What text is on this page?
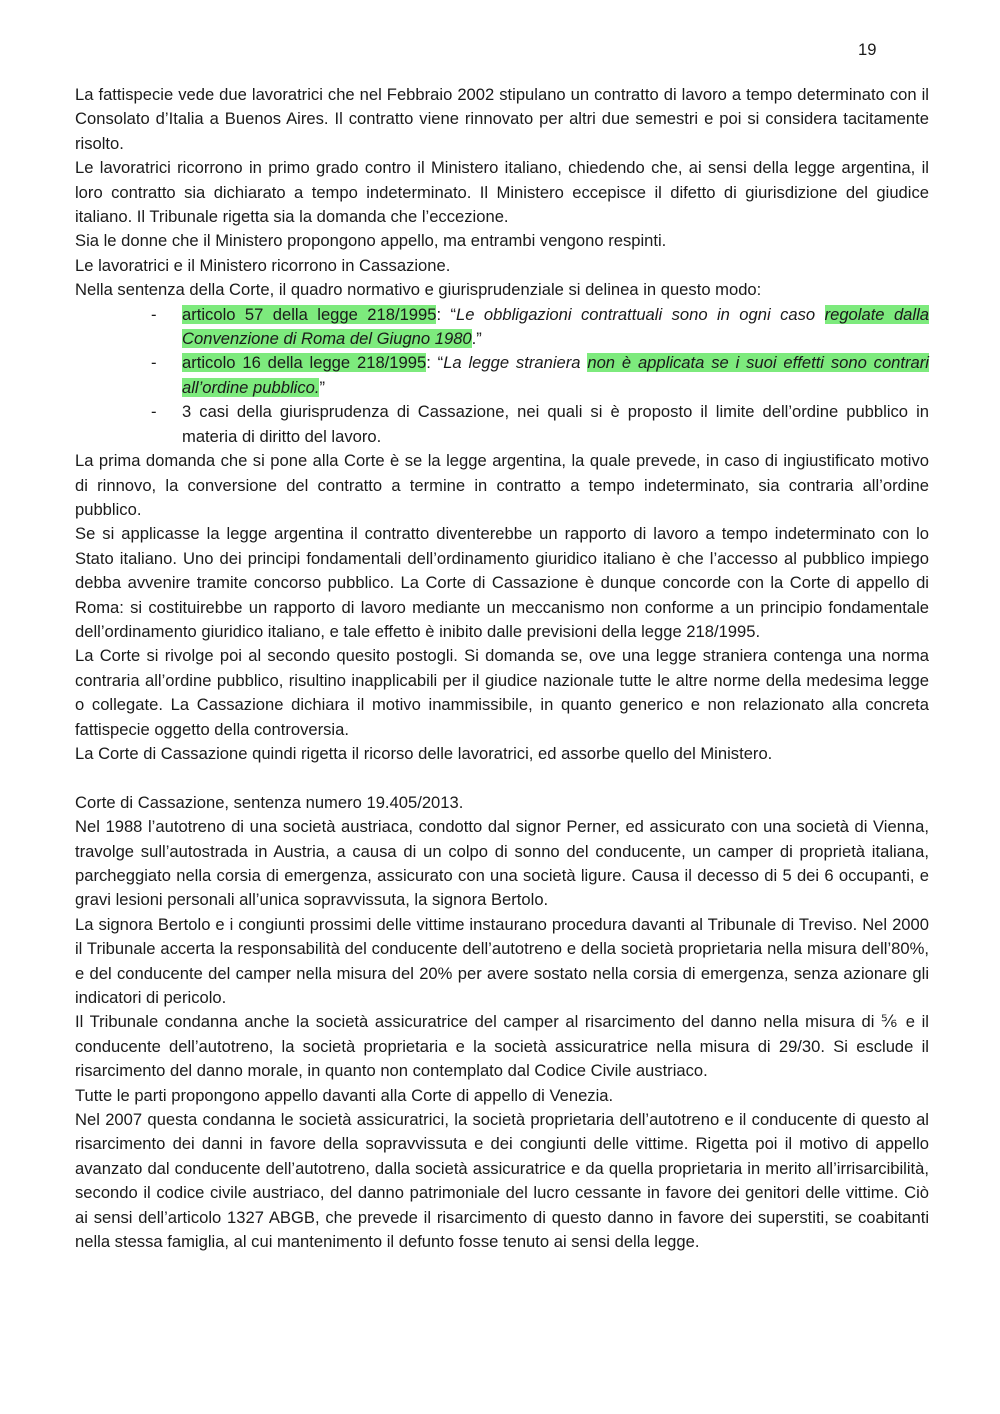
19

La fattispecie vede due lavoratrici che nel Febbraio 2002 stipulano un contratto di lavoro a tempo determinato con il Consolato d’Italia a Buenos Aires. Il contratto viene rinnovato per altri due semestri e poi si considera tacitamente risolto.

Le lavoratrici ricorrono in primo grado contro il Ministero italiano, chiedendo che, ai sensi della legge argentina, il loro contratto sia dichiarato a tempo indeterminato. Il Ministero eccepisce il difetto di giurisdizione del giudice italiano. Il Tribunale rigetta sia la domanda che l’eccezione.

Sia le donne che il Ministero propongono appello, ma entrambi vengono respinti.

Le lavoratrici e il Ministero ricorrono in Cassazione.

Nella sentenza della Corte, il quadro normativo e giurisprudenziale si delinea in questo modo:

- articolo 57 della legge 218/1995: “Le obbligazioni contrattuali sono in ogni caso regolate dalla Convenzione di Roma del Giugno 1980.”
- articolo 16 della legge 218/1995: “La legge straniera non è applicata se i suoi effetti sono contrari all’ordine pubblico.”
- 3 casi della giurisprudenza di Cassazione, nei quali si è proposto il limite dell’ordine pubblico in materia di diritto del lavoro.

La prima domanda che si pone alla Corte è se la legge argentina, la quale prevede, in caso di ingiustificato motivo di rinnovo, la conversione del contratto a termine in contratto a tempo indeterminato, sia contraria all’ordine pubblico.

Se si applicasse la legge argentina il contratto diventerebbe un rapporto di lavoro a tempo indeterminato con lo Stato italiano. Uno dei principi fondamentali dell’ordinamento giuridico italiano è che l’accesso al pubblico impiego debba avvenire tramite concorso pubblico. La Corte di Cassazione è dunque concorde con la Corte di appello di Roma: si costituirebbe un rapporto di lavoro mediante un meccanismo non conforme a un principio fondamentale dell’ordinamento giuridico italiano, e tale effetto è inibito dalle previsioni della legge 218/1995.

La Corte si rivolge poi al secondo quesito postogli. Si domanda se, ove una legge straniera contenga una norma contraria all’ordine pubblico, risultino inapplicabili per il giudice nazionale tutte le altre norme della medesima legge o collegate. La Cassazione dichiara il motivo inammissibile, in quanto generico e non relazionato alla concreta fattispecie oggetto della controversia.

La Corte di Cassazione quindi rigetta il ricorso delle lavoratrici, ed assorbe quello del Ministero.

Corte di Cassazione, sentenza numero 19.405/2013.

Nel 1988 l’autotreno di una società austriaca, condotto dal signor Perner, ed assicurato con una società di Vienna, travolge sull’autostrada in Austria, a causa di un colpo di sonno del conducente, un camper di proprietà italiana, parcheggiato nella corsia di emergenza, assicurato con una società ligure. Causa il decesso di 5 dei 6 occupanti, e gravi lesioni personali all’unica sopravvissuta, la signora Bertolo.

La signora Bertolo e i congiunti prossimi delle vittime instaurano procedura davanti al Tribunale di Treviso. Nel 2000 il Tribunale accerta la responsabilità del conducente dell’autotreno e della società proprietaria nella misura dell’80%, e del conducente del camper nella misura del 20% per avere sostato nella corsia di emergenza, senza azionare gli indicatori di pericolo.

Il Tribunale condanna anche la società assicuratrice del camper al risarcimento del danno nella misura di ⅚ e il conducente dell’autotreno, la società proprietaria e la società assicuratrice nella misura di 29/30. Si esclude il risarcimento del danno morale, in quanto non contemplato dal Codice Civile austriaco.

Tutte le parti propongono appello davanti alla Corte di appello di Venezia.

Nel 2007 questa condanna le società assicuratrici, la società proprietaria dell’autotreno e il conducente di questo al risarcimento dei danni in favore della sopravvissuta e dei congiunti delle vittime. Rigetta poi il motivo di appello avanzato dal conducente dell’autotreno, dalla società assicuratrice e da quella proprietaria in merito all’irrisarcibilità, secondo il codice civile austriaco, del danno patrimoniale del lucro cessante in favore dei genitori delle vittime. Ciò ai sensi dell’articolo 1327 ABGB, che prevede il risarcimento di questo danno in favore dei superstiti, se coabitanti nella stessa famiglia, al cui mantenimento il defunto fosse tenuto ai sensi della legge.
